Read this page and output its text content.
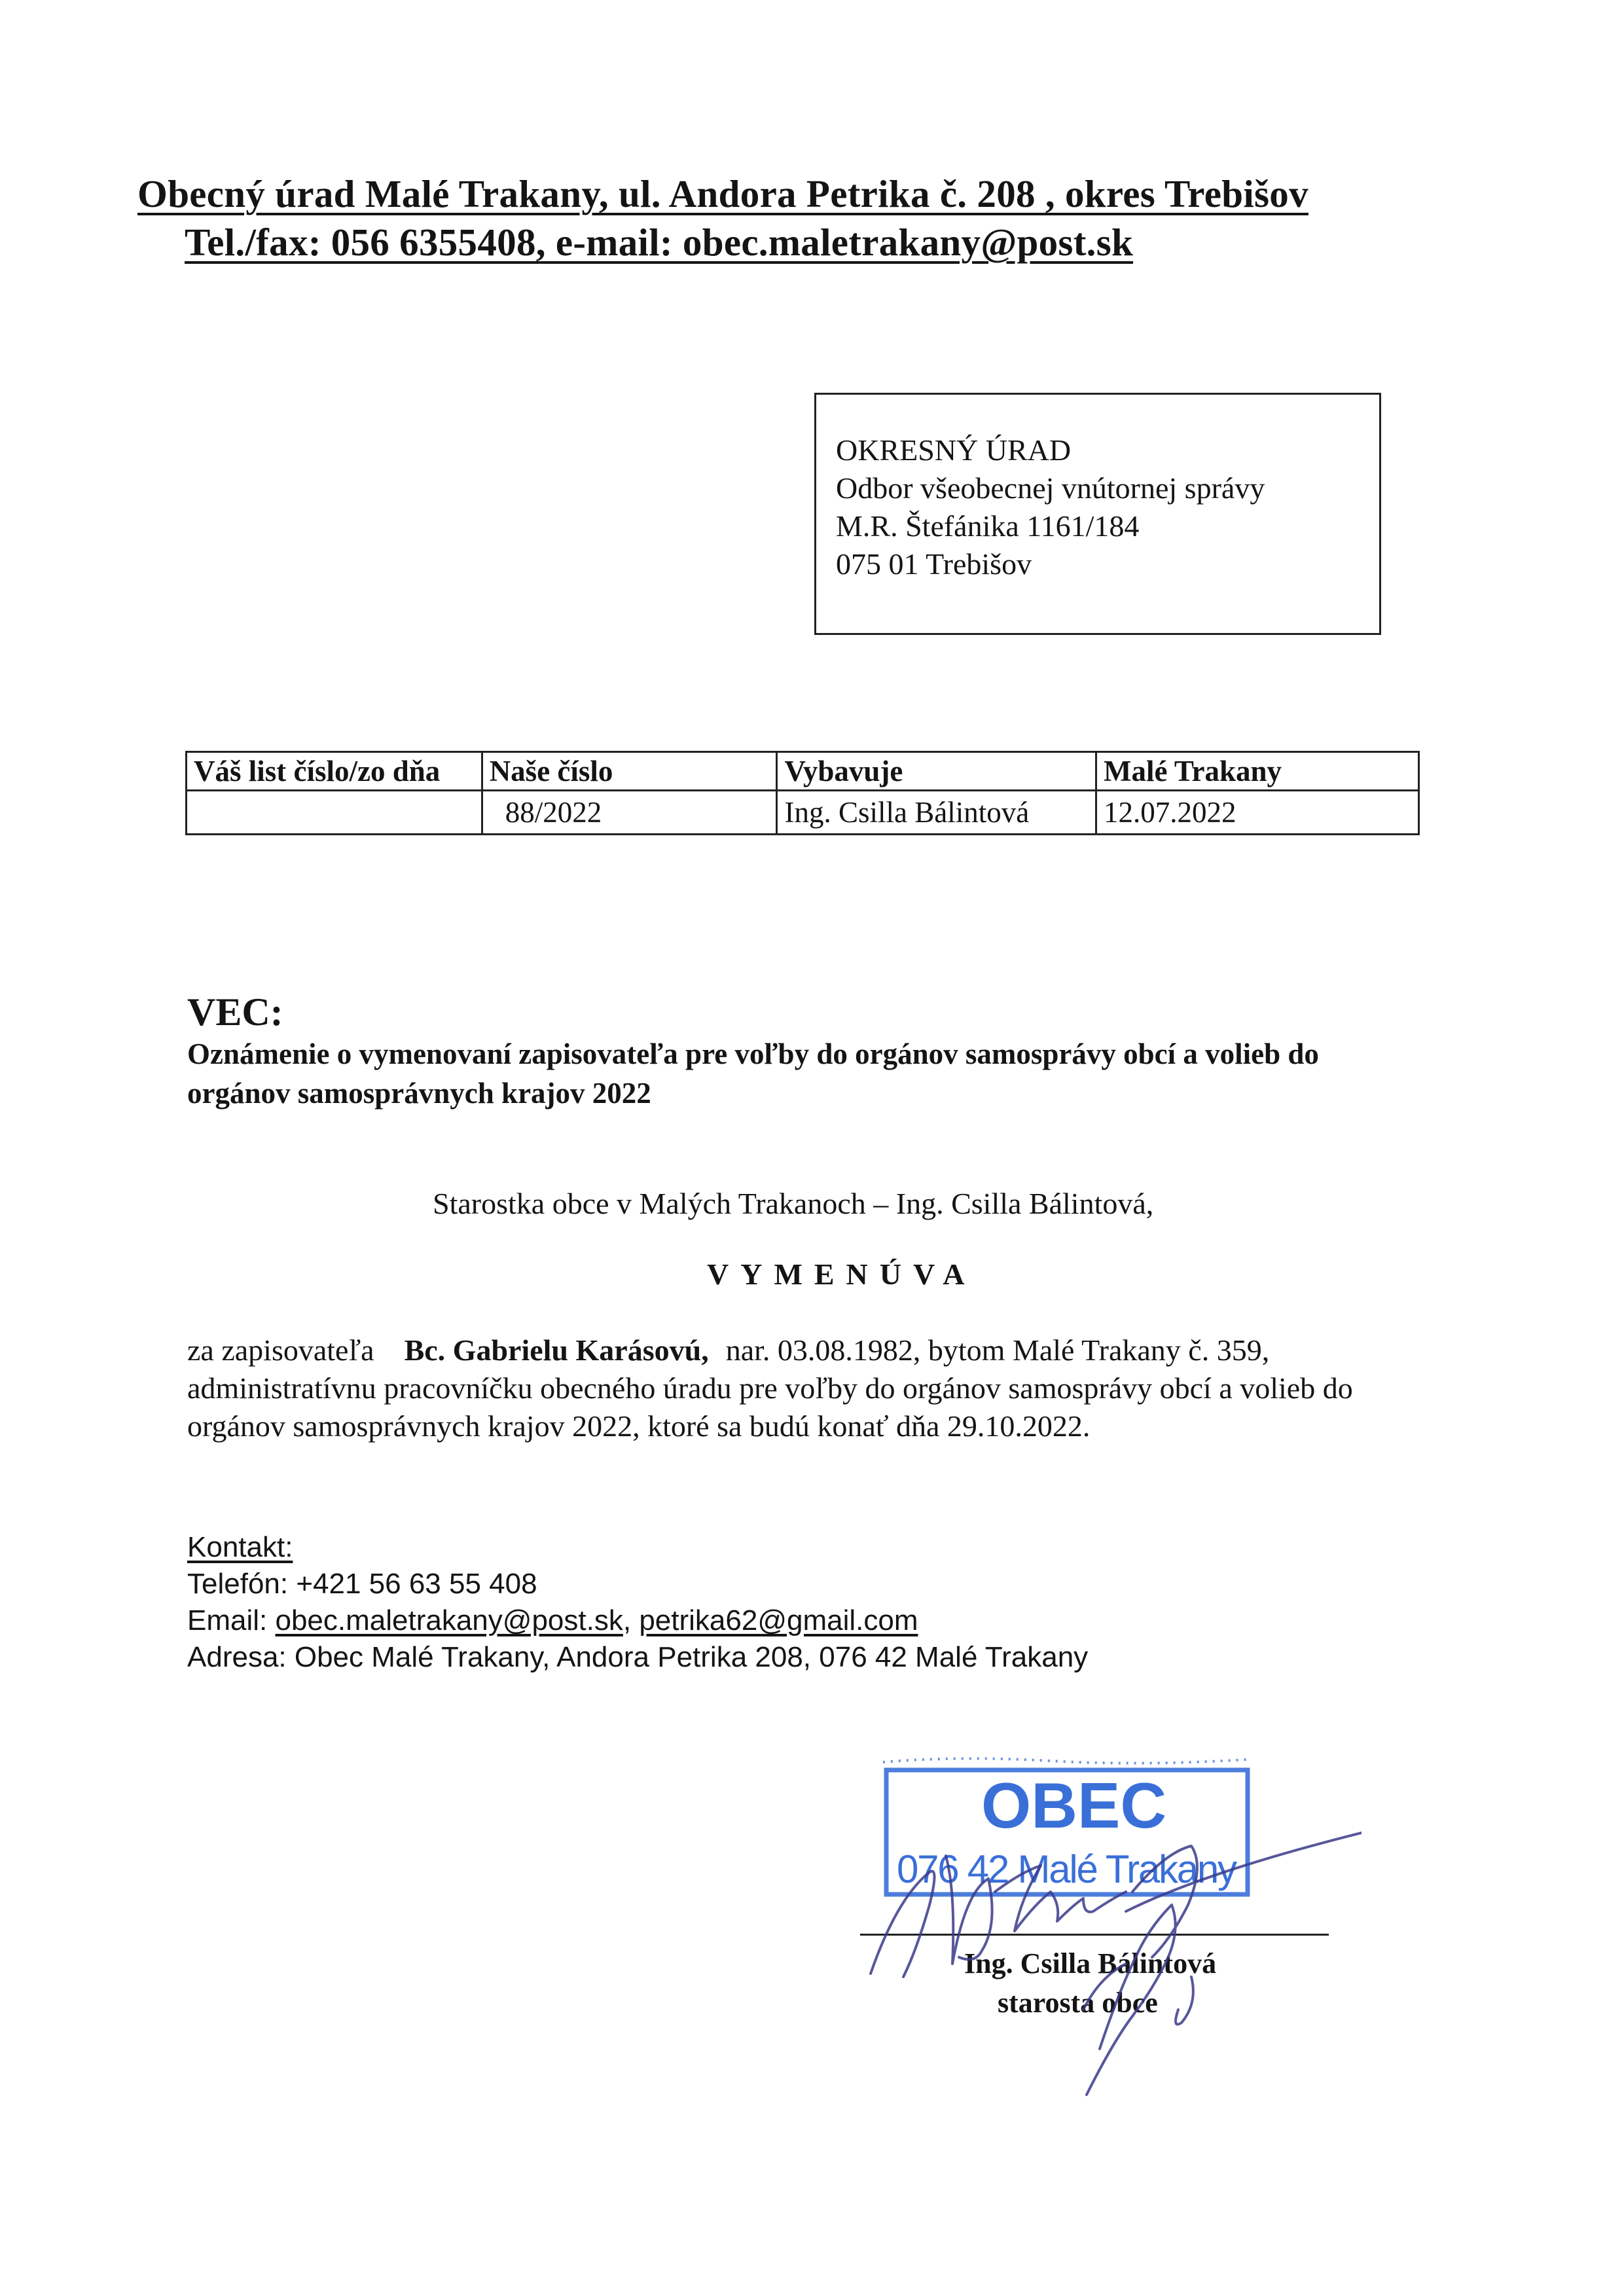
Obecný úrad Malé Trakany, ul. Andora Petrika č. 208 , okres Trebišov
Tel./fax: 056 6355408, e-mail: obec.maletrakany@post.sk
OKRESNÝ ÚRAD
Odbor všeobecnej vnútornej správy
M.R. Štefánika 1161/184
075 01 Trebišov
Váš list číslo/zo dňa	Naše číslo	Vybavuje	Malé Trakany
	88/2022	Ing. Csilla Bálintová	12.07.2022
VEC:
Oznámenie o vymenovaní zapisovateľa pre voľby do orgánov samosprávy obcí a volieb do
orgánov samosprávnych krajov 2022
Starostka obce v Malých Trakanoch – Ing. Csilla Bálintová,
VYMENÚVA
za zapisovateľa Bc. Gabrielu Karásovú, nar. 03.08.1982, bytom Malé Trakany č. 359,
administratívnu pracovníčku obecného úradu pre voľby do orgánov samosprávy obcí a volieb do
orgánov samosprávnych krajov 2022, ktoré sa budú konať dňa 29.10.2022.
Kontakt:
Telefón: +421 56 63 55 408
Email: obec.maletrakany@post.sk, petrika62@gmail.com
Adresa: Obec Malé Trakany, Andora Petrika 208, 076 42 Malé Trakany
OBEC
076 42 Malé Trakany
Ing. Csilla Bálintová
starosta obce
